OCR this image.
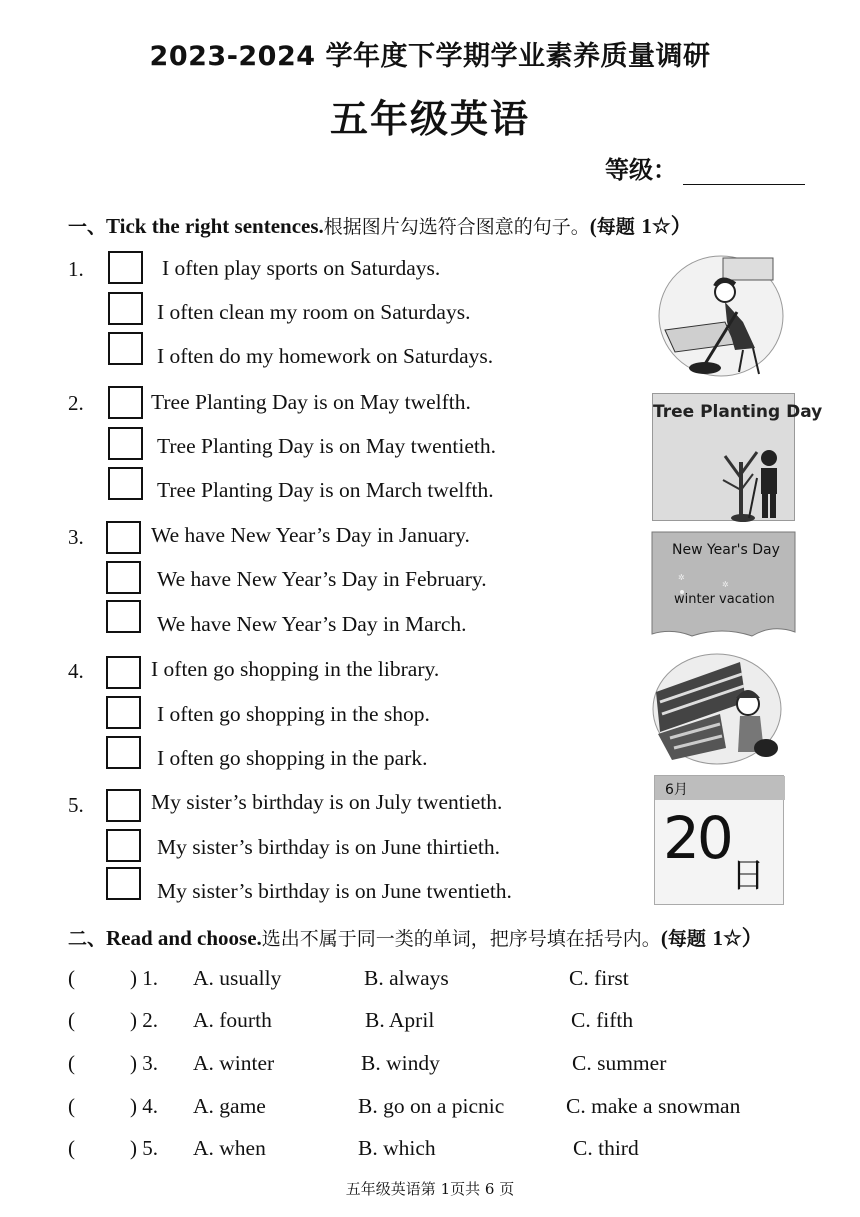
2023-2024 学年度下学期学业素养质量调研
五年级英语
等级：
一、Tick the right sentences.根据图片勾选符合图意的句子。(每题 1☆）
1.	I often play sports on Saturdays.
I often clean my room on Saturdays.
I often do my homework on Saturdays.
2.	Tree Planting Day is on May twelfth.
Tree Planting Day is on May twentieth.
Tree Planting Day is on March twelfth.
Tree Planting Day
3.	We have New Year’s Day in January.
We have New Year’s Day in February.
We have New Year’s Day in March.
✲
✲
New Year's Day
winter vacation
4.	I often go shopping in the library.
I often go shopping in the shop.
I often go shopping in the park.
5.	My sister’s birthday is on July twentieth.
My sister’s birthday is on June thirtieth.
My sister’s birthday is on June twentieth.
6月
20
日
二、Read and choose.选出不属于同一类的单词，把序号填在括号内。(每题 1☆）
(	) 1. A. usually	B. always	C. first
(	) 2. A. fourth	B. April	C. fifth
(	) 3. A. winter	B. windy	C. summer
(	) 4. A. game	B. go on a picnic	C. make a snowman
(	) 5. A. when	B. which	C. third
五年级英语第 1页共 6 页
